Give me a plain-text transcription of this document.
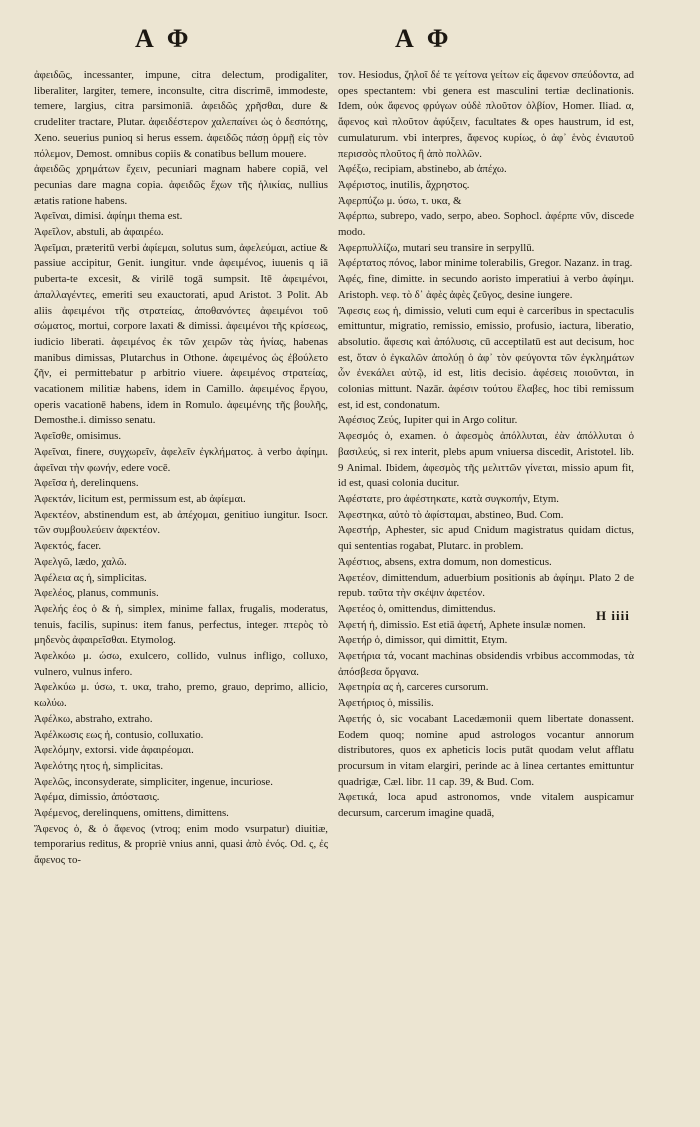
Α Φ	Α Φ

ἀφειδῶς, incessanter, impune, citra delectum, prodigaliter, liberaliter, largiter, temere, inconsulte, citra discrimē, immodeste, temere, largius, citra parsimoniā. ἀφειδῶς χρῆσθαι, dure & crudeliter tractare, Plutar. ἀφειδέστερον χαλεπαίνει ὡς ὁ δεσπότης, Xeno. seuerius punioq si herus essem. ἀφειδῶς πάσῃ ὁρμῇ εἰς τὸν πόλεμον, Demost. omnibus copiis & conatibus bellum mouere.

ἀφειδῶς χρημάτων ἔχειν, pecuniari magnam habere copiā, vel pecunias dare magna copia. ἀφειδῶς ἔχων τῆς ἡλικίας, nullius ætatis ratione habens.

Ἀφεῖναι, dimisi. ἀφίημι thema est.

Ἀφεῖλον, abstuli, ab ἀφαιρέω.

Ἀφεῖμαι, præteritū verbi ἀφίεμαι, solutus sum, ἀφελεύμαι, actiue & passiue accipitur, Genit. iungitur. vnde ἀφειμένος, iuuenis q iā puberta-te excesit, & virilē togā sumpsit. Itē ἀφειμένοι, ἀπαλλαγέντες, emeriti seu exauctorati, apud Aristot. 3 Polit. Ab aliis ἀφειμένοι τῆς στρατείας, ἀποθανόντες ἀφειμένοι τοῦ σώματος, mortui, corpore laxati & dimissi. ἀφειμένοι τῆς κρίσεως, iudicio liberati. ἀφειμένος ἐκ τῶν χειρῶν τὰς ἡνίας, habenas manibus dimissas, Plutarchus in Othone. ἀφειμένος ὡς ἐβούλετο ζῆν, ei permittebatur p arbitrio viuere. ἀφειμένος στρατείας, vacationem militiæ habens, idem in Camillo. ἀφειμένος ἔργου, operis vacationē habens, idem in Romulo. ἀφειμένης τῆς βουλῆς, Demosthe.i. dimisso senatu.

Ἀφεῖσθε, omisimus.

Ἀφεῖναι, finere, συγχωρεῖν, ἀφελεῖν ἐγκλήματος. à verbo ἀφίημι. ἀφεῖναι τὴν φωνήν, edere vocē.

Ἀφεῖσα ἡ, derelinquens.

Ἀφεκτάν, licitum est, permissum est, ab ἀφίεμαι.

Ἀφεκτέον, abstinendum est, ab ἀπέχομαι, genitiuo iungitur. Isocr. τῶν συμβουλεύειν ἀφεκτέον.

Ἀφεκτός, facer.

Ἀφελγῶ, lædo, χαλῶ.

Ἀφέλεια ας ἡ, simplicitas.

Ἀφελέος, planus, communis.

Ἀφελής ἐος ὁ & ἡ, simplex, minime fallax, frugalis, moderatus, tenuis, facilis, supinus: item fanus, perfectus, integer. πτερὸς τὸ μηδενὸς ἀφαιρεῖσθαι. Etymolog.

Ἀφελκόω μ. ώσω, exulcero, collido, vulnus infligo, colluxo, vulnero, vulnus infero.

Ἀφελκύω μ. ύσω, τ. υκα, traho, premo, grauo, deprimo, allicio, κωλύω.

Ἀφέλκω, abstraho, extraho.

Ἀφέλκωσις εως ἡ, contusio, colluxatio.

Ἀφελόμην, extorsi. vide ἀφαιρέομαι.

Ἀφελότης ητος ἡ, simplicitas.

Ἀφελῶς, inconsyderate, simpliciter, ingenue, incuriose.

Ἀφέμα, dimissio, ἀπόστασις.

Ἀφέμενος, derelinquens, omittens, dimittens.

Ἄφενος ὁ, & ὁ ἄφενος (vtroq; enim modo vsurpatur) diuitiæ, temporarius reditus, & propriè vnius anni, quasi ἀπὸ ἐνός. Od. ς, ἐς ἄφενος το-

τον. Hesiodus, ζηλοῖ δέ τε γείτονα γείτων εἰς ἄφενον σπεύδοντα, ad opes spectantem: vbi genera est masculini tertiæ declinationis. Idem, οὐκ ἄφενος φρύγων οὐδὲ πλοῦτον ὀλβίον, Homer. Iliad. α, ἄφενος καὶ πλοῦτον ἀφύξειν, facultates & opes haustrum, id est, cumulaturum. vbi interpres, ἄφενος κυρίως, ὁ ἀφ᾽ ἑνὸς ἐνιαυτοῦ περισσὸς πλοῦτος ἢ ἀπὸ πολλῶν.

Ἀφέξω, recipiam, abstinebo, ab ἀπέχω.

Ἀφέριστος, inutilis, ἄχρηστος.

Ἀφερπύζω μ. ύσω, τ. υκα, &

Ἀφέρπω, subrepo, vado, serpo, abeo. Sophocl. ἀφέρπε νῦν, discede modo.

Ἀφερπυλλίζω, mutari seu transire in serpyllū.

Ἀφέρτατος πόνος, labor minime tolerabilis, Gregor. Nazanz. in trag.

Ἀφές, fine, dimitte. in secundo aoristo imperatiui à verbo ἀφίημι. Aristoph. νεφ. τὸ δ᾽ ἀφὲς ἀφὲς ζεῦγος, desine iungere.

Ἄφεσις εως ἡ, dimissio, veluti cum equi è carceribus in spectaculis emittuntur, migratio, remissio, emissio, profusio, iactura, liberatio, absolutio. ἄφεσις καὶ ἀπόλυσις, cū acceptilatū est aut decisum, hoc est, ὅταν ὁ ἐγκαλῶν ἀπολύῃ ὁ ἀφ᾽ τὸν φεύγοντα τῶν ἐγκλημάτων ὧν ἐνεκάλει αὐτῷ, id est, litis decisio. ἀφέσεις ποιοῦνται, in colonias mittunt. Nazār. ἀφέσιν τούτου ἔλαβες, hoc tibi remissum est, id est, condonatum.

Ἀφέσιος Ζεύς, Iupiter qui in Argo colitur.

Ἀφεσμός ὁ, examen. ὁ ἀφεσμὸς ἀπόλλυται, ἐὰν ἀπόλλυται ὁ βασιλεύς, si rex interit, plebs apum vniuersa discedit, Aristotel. lib. 9 Animal. Ibidem, ἀφεσμὸς τῆς μελιττῶν γίνεται, missio apum fit, id est, quasi colonia ducitur.

Ἀφέστατε, pro ἀφέστηκατε, κατὰ συγκοπήν, Etym.

Ἀφεστηκα, αὐτὸ τὸ ἀφίσταμαι, abstineo, Bud. Com.

Ἀφεστήρ, Aphester, sic apud Cnidum magistratus quidam dictus, qui sententias rogabat, Plutarc. in problem.

Ἀφέστιος, absens, extra domum, non domesticus.

Ἀφετέον, dimittendum, aduerbium positionis ab ἀφίημι. Plato 2 de repub. ταῦτα τὴν σκέψιν ἀφετέον.

Ἀφετέος ὁ, omittendus, dimittendus.

Ἀφετή ἡ, dimissio. Est etiā ἀφετή, Aphete insulæ nomen.

Ἀφετήρ ὁ, dimissor, qui dimittit, Etym.

Ἀφετήρια τά, vocant machinas obsidendis vrbibus accommodas, τὰ ἀπόσβεσα ὄργανα.

Ἀφετηρία ας ἡ, carceres cursorum.

Ἀφετήριος ὁ, missilis.

Ἀφετής ὁ, sic vocabant Lacedæmonii quem libertate donassent. Eodem quoq; nomine apud astrologos vocantur annorum distributores, quos ex apheticis locis putāt quodam velut afflatu procursum in vitam elargiri, perinde ac à linea certantes emittuntur quadrigæ, Cæl. libr. 11 cap. 39, & Bud. Com.

Ἀφετικά, loca apud astronomos, vnde vitalem auspicamur decursum, carcerum imagine quadā,

H iiii
